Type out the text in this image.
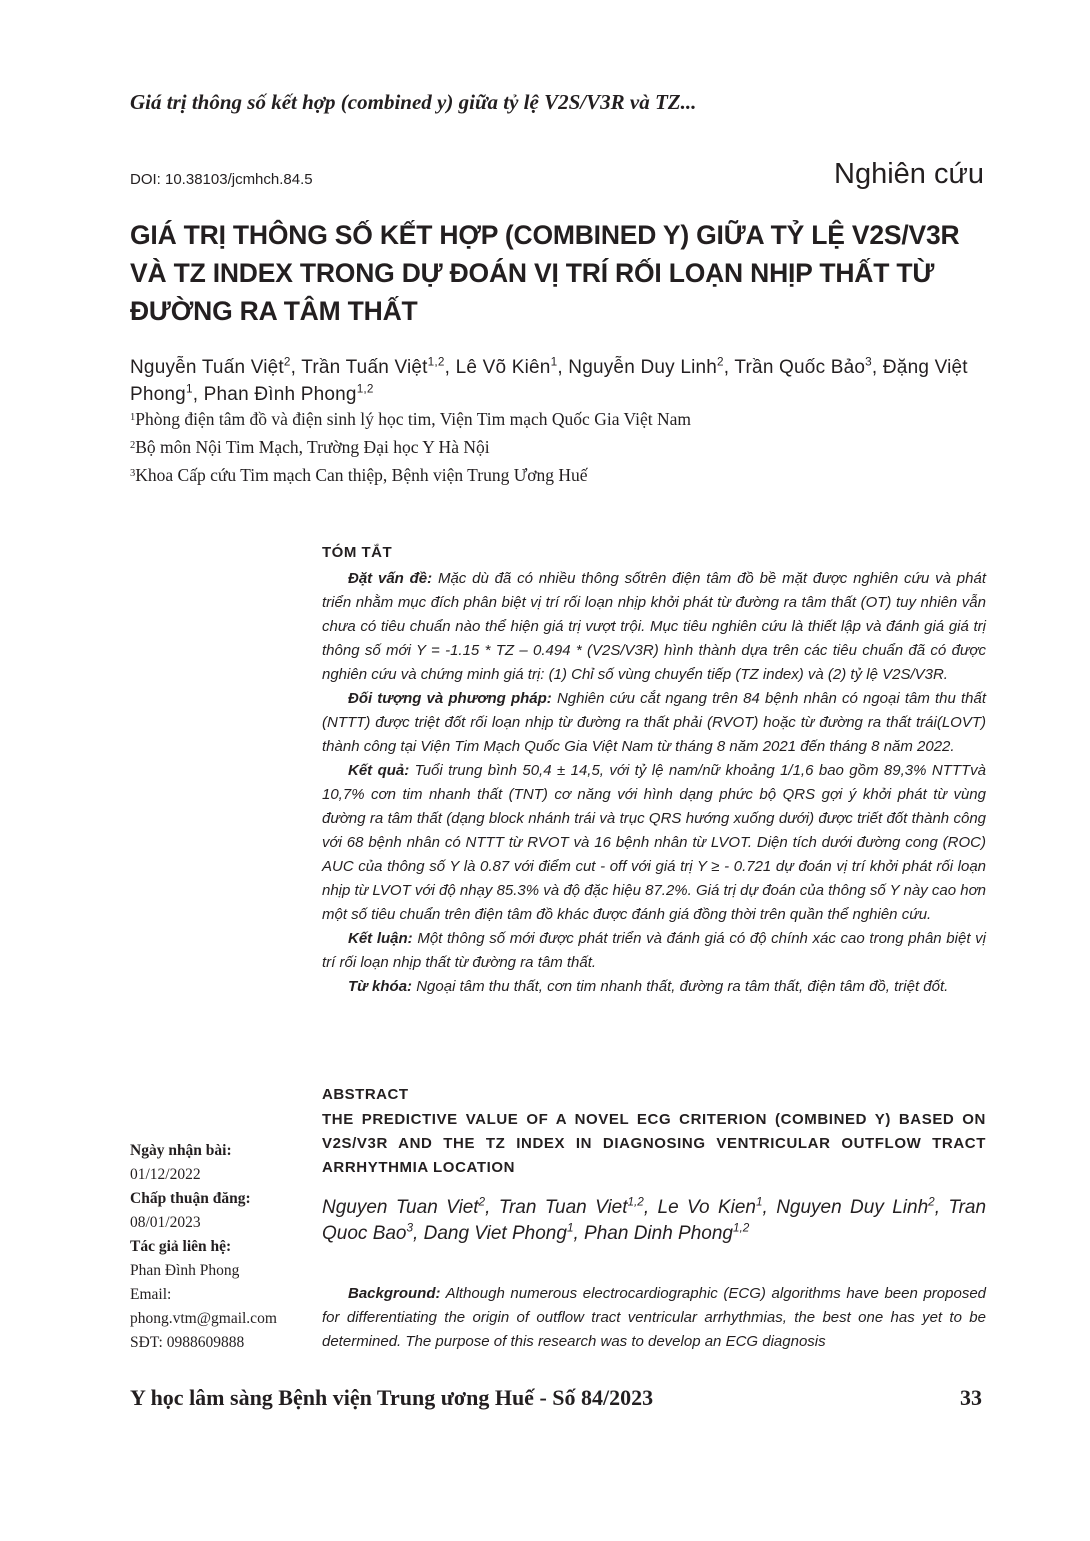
Giá trị thông số kết hợp (combined y) giữa tỷ lệ V2S/V3R và TZ...
DOI: 10.38103/jcmhch.84.5	Nghiên cứu
GIÁ TRỊ THÔNG SỐ KẾT HỢP (COMBINED Y) GIỮA TỶ LỆ V2S/V3R VÀ TZ INDEX TRONG DỰ ĐOÁN VỊ TRÍ RỐI LOẠN NHỊP THẤT TỪ ĐƯỜNG RA TÂM THẤT

Nguyễn Tuấn Việt$^2$, Trần Tuấn Việt$^{1,2}$, Lê Võ Kiên$^1$, Nguyễn Duy Linh$^2$, Trần Quốc Bảo$^3$, Đặng Việt Phong$^1$, Phan Đình Phong$^{1,2}$

$^1$Phòng điện tâm đồ và điện sinh lý học tim, Viện Tim mạch Quốc Gia Việt Nam
$^2$Bộ môn Nội Tim Mạch, Trường Đại học Y Hà Nội
$^3$Khoa Cấp cứu Tim mạch Can thiệp, Bệnh viện Trung Ương Huế
TÓM TẮT

Đặt vấn đề: Mặc dù đã có nhiều thông sốtrên điện tâm đồ bề mặt được nghiên cứu và phát triển nhằm mục đích phân biệt vị trí rối loạn nhịp khởi phát từ đường ra tâm thất (OT) tuy nhiên vẫn chưa có tiêu chuẩn nào thể hiện giá trị vượt trội. Mục tiêu nghiên cứu là thiết lập và đánh giá giá trị thông số mới Y = -1.15 * TZ – 0.494 * (V2S/V3R) hình thành dựa trên các tiêu chuẩn đã có được nghiên cứu và chứng minh giá trị: (1) Chỉ số vùng chuyển tiếp (TZ index) và (2) tỷ lệ V2S/V3R.

Đối tượng và phương pháp: Nghiên cứu cắt ngang trên 84 bệnh nhân có ngoại tâm thu thất (NTTT) được triệt đốt rối loạn nhịp từ đường ra thất phải (RVOT) hoặc từ đường ra thất trái(LOVT) thành công tại Viện Tim Mạch Quốc Gia Việt Nam từ tháng 8 năm 2021 đến tháng 8 năm 2022.

Kết quả: Tuổi trung bình 50,4 ± 14,5, với tỷ lệ nam/nữ khoảng 1/1,6 bao gồm 89,3% NTTTvà 10,7% cơn tim nhanh thất (TNT) cơ năng với hình dạng phức bộ QRS gợi ý khởi phát từ vùng đường ra tâm thất (dạng block nhánh trái và trục QRS hướng xuống dưới) được triết đốt thành công với 68 bệnh nhân có NTTT từ RVOT và 16 bệnh nhân từ LVOT. Diện tích dưới đường cong (ROC) AUC của thông số Y là 0.87 với điểm cut - off với giá trị Y ≥ - 0.721 dự đoán vị trí khởi phát rối loạn nhịp từ LVOT với độ nhạy 85.3% và độ đặc hiệu 87.2%. Giá trị dự đoán của thông số Y này cao hơn một số tiêu chuẩn trên điện tâm đồ khác được đánh giá đồng thời trên quần thể nghiên cứu.

Kết luận: Một thông số mới được phát triển và đánh giá có độ chính xác cao trong phân biệt vị trí rối loạn nhịp thất từ đường ra tâm thất.

Từ khóa: Ngoại tâm thu thất, cơn tim nhanh thất, đường ra tâm thất, điện tâm đồ, triệt đốt.

ABSTRACT

THE PREDICTIVE VALUE OF A NOVEL ECG CRITERION (COMBINED Y) BASED ON V2S/V3R AND THE TZ INDEX IN DIAGNOSING VENTRICULAR OUTFLOW TRACT ARRHYTHMIA LOCATION

Nguyen Tuan Viet$^2$, Tran Tuan Viet$^{1,2}$, Le Vo Kien$^1$, Nguyen Duy Linh$^2$, Tran Quoc Bao$^3$, Dang Viet Phong$^1$, Phan Dinh Phong$^{1,2}$

Background: Although numerous electrocardiographic (ECG) algorithms have been proposed for differentiating the origin of outflow tract ventricular arrhythmias, the best one has yet to be determined. The purpose of this research was to develop an ECG diagnosis

Ngày nhận bài:
01/12/2022
Chấp thuận đăng:
08/01/2023
Tác giả liên hệ:
Phan Đình Phong
Email:
phong.vtm@gmail.com
SĐT: 0988609888
Y học lâm sàng Bệnh viện Trung ương Huế - Số 84/2023	33
